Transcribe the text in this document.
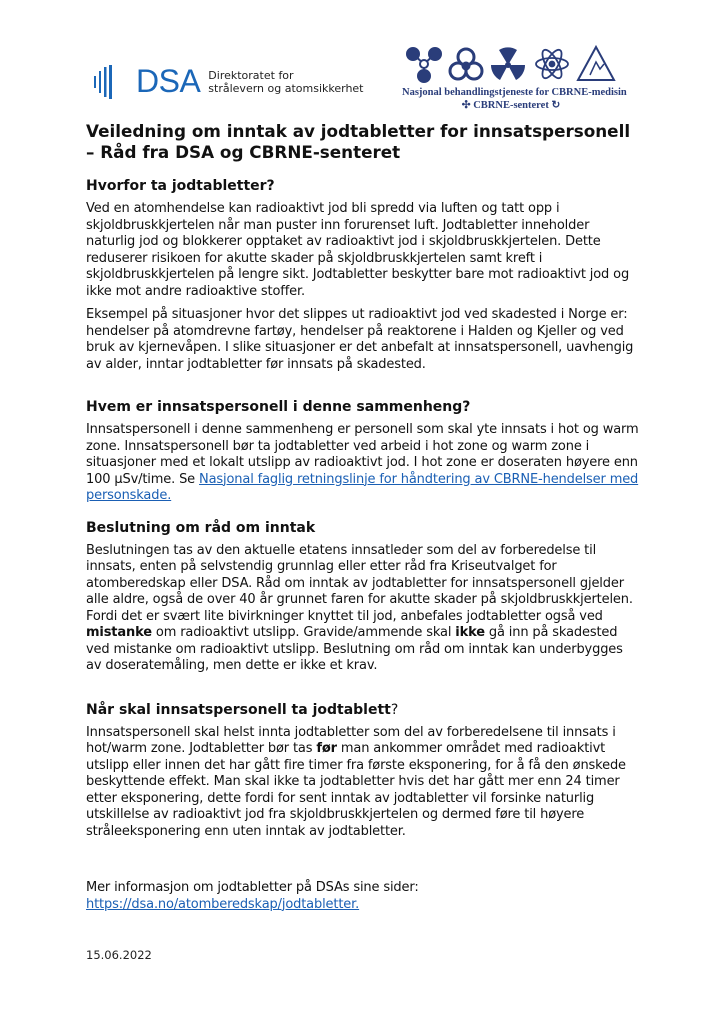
DSA Direktoratet for
strålevern og atomsikkerhet	Nasjonal behandlingstjeneste for CBRNE-medisin
✣ CBRNE-senteret ↻
Veiledning om inntak av jodtabletter for innsatspersonell – Råd fra DSA og CBRNE-senteret
Hvorfor ta jodtabletter?

Ved en atomhendelse kan radioaktivt jod bli spredd via luften og tatt opp i skjoldbruskkjertelen når man puster inn forurenset luft. Jodtabletter inneholder naturlig jod og blokkerer opptaket av radioaktivt jod i skjoldbruskkjertelen. Dette reduserer risikoen for akutte skader på skjoldbruskkjertelen samt kreft i skjoldbruskkjertelen på lengre sikt. Jodtabletter beskytter bare mot radioaktivt jod og ikke mot andre radioaktive stoffer.

Eksempel på situasjoner hvor det slippes ut radioaktivt jod ved skadested i Norge er: hendelser på atomdrevne fartøy, hendelser på reaktorene i Halden og Kjeller og ved bruk av kjernevåpen. I slike situasjoner er det anbefalt at innsatspersonell, uavhengig av alder, inntar jodtabletter før innsats på skadested.

Hvem er innsatspersonell i denne sammenheng?

Innsatspersonell i denne sammenheng er personell som skal yte innsats i hot og warm zone. Innsatspersonell bør ta jodtabletter ved arbeid i hot zone og warm zone i situasjoner med et lokalt utslipp av radioaktivt jod. I hot zone er doseraten høyere enn 100 µSv/time. Se Nasjonal faglig retningslinje for håndtering av CBRNE-hendelser med personskade.

Beslutning om råd om inntak

Beslutningen tas av den aktuelle etatens innsatleder som del av forberedelse til innsats, enten på selvstendig grunnlag eller etter råd fra Kriseutvalget for atomberedskap eller DSA. Råd om inntak av jodtabletter for innsatspersonell gjelder alle aldre, også de over 40 år grunnet faren for akutte skader på skjoldbruskkjertelen. Fordi det er svært lite bivirkninger knyttet til jod, anbefales jodtabletter også ved mistanke om radioaktivt utslipp. Gravide/ammende skal ikke gå inn på skadested ved mistanke om radioaktivt utslipp. Beslutning om råd om inntak kan underbygges av doseratemåling, men dette er ikke et krav.

Når skal innsatspersonell ta jodtablett?

Innsatspersonell skal helst innta jodtabletter som del av forberedelsene til innsats i hot/warm zone. Jodtabletter bør tas før man ankommer området med radioaktivt utslipp eller innen det har gått fire timer fra første eksponering, for å få den ønskede beskyttende effekt. Man skal ikke ta jodtabletter hvis det har gått mer enn 24 timer etter eksponering, dette fordi for sent inntak av jodtabletter vil forsinke naturlig utskillelse av radioaktivt jod fra skjoldbruskkjertelen og dermed føre til høyere stråleeksponering enn uten inntak av jodtabletter.

Mer informasjon om jodtabletter på DSAs sine sider:

https://dsa.no/atomberedskap/jodtabletter.

15.06.2022
